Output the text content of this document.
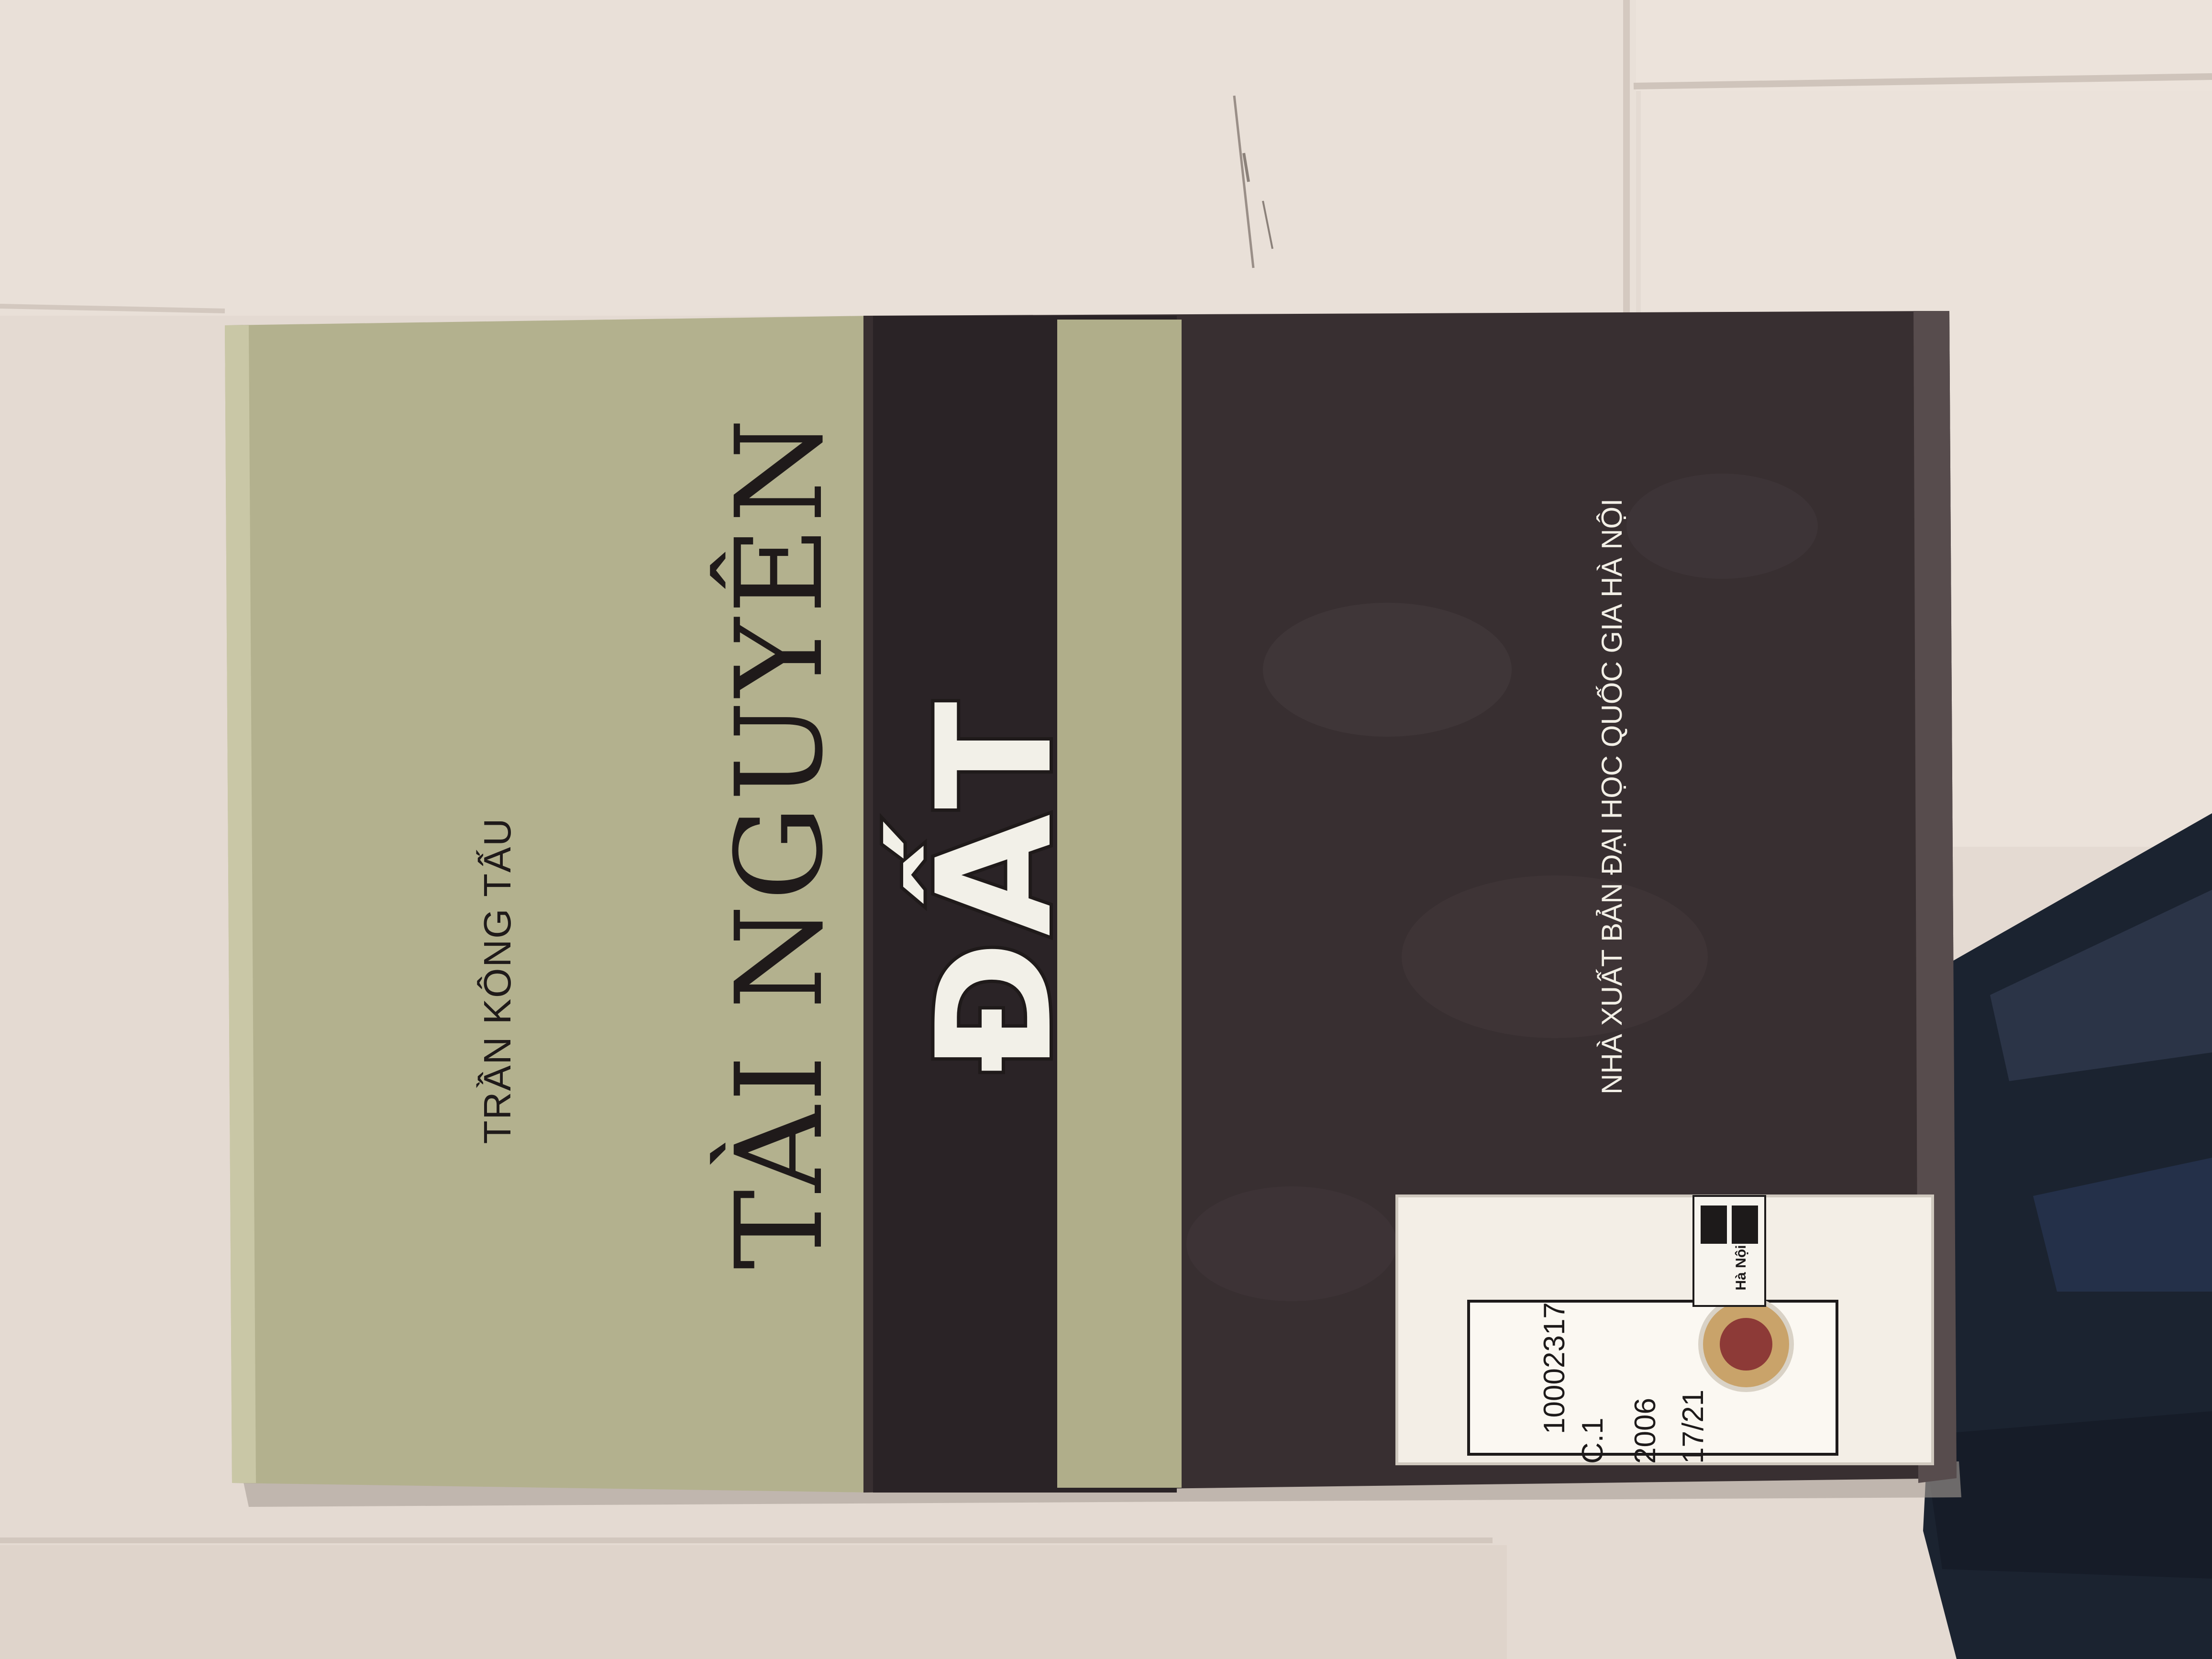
TRẦN KÔNG TẤU TÀI NGUYÊN ĐẤT	NHÀ XUẤT BẢN ĐẠI HỌC QUỐC GIA HÀ NỘI
Hà Nội
10002317
C.1 2006 17/21
